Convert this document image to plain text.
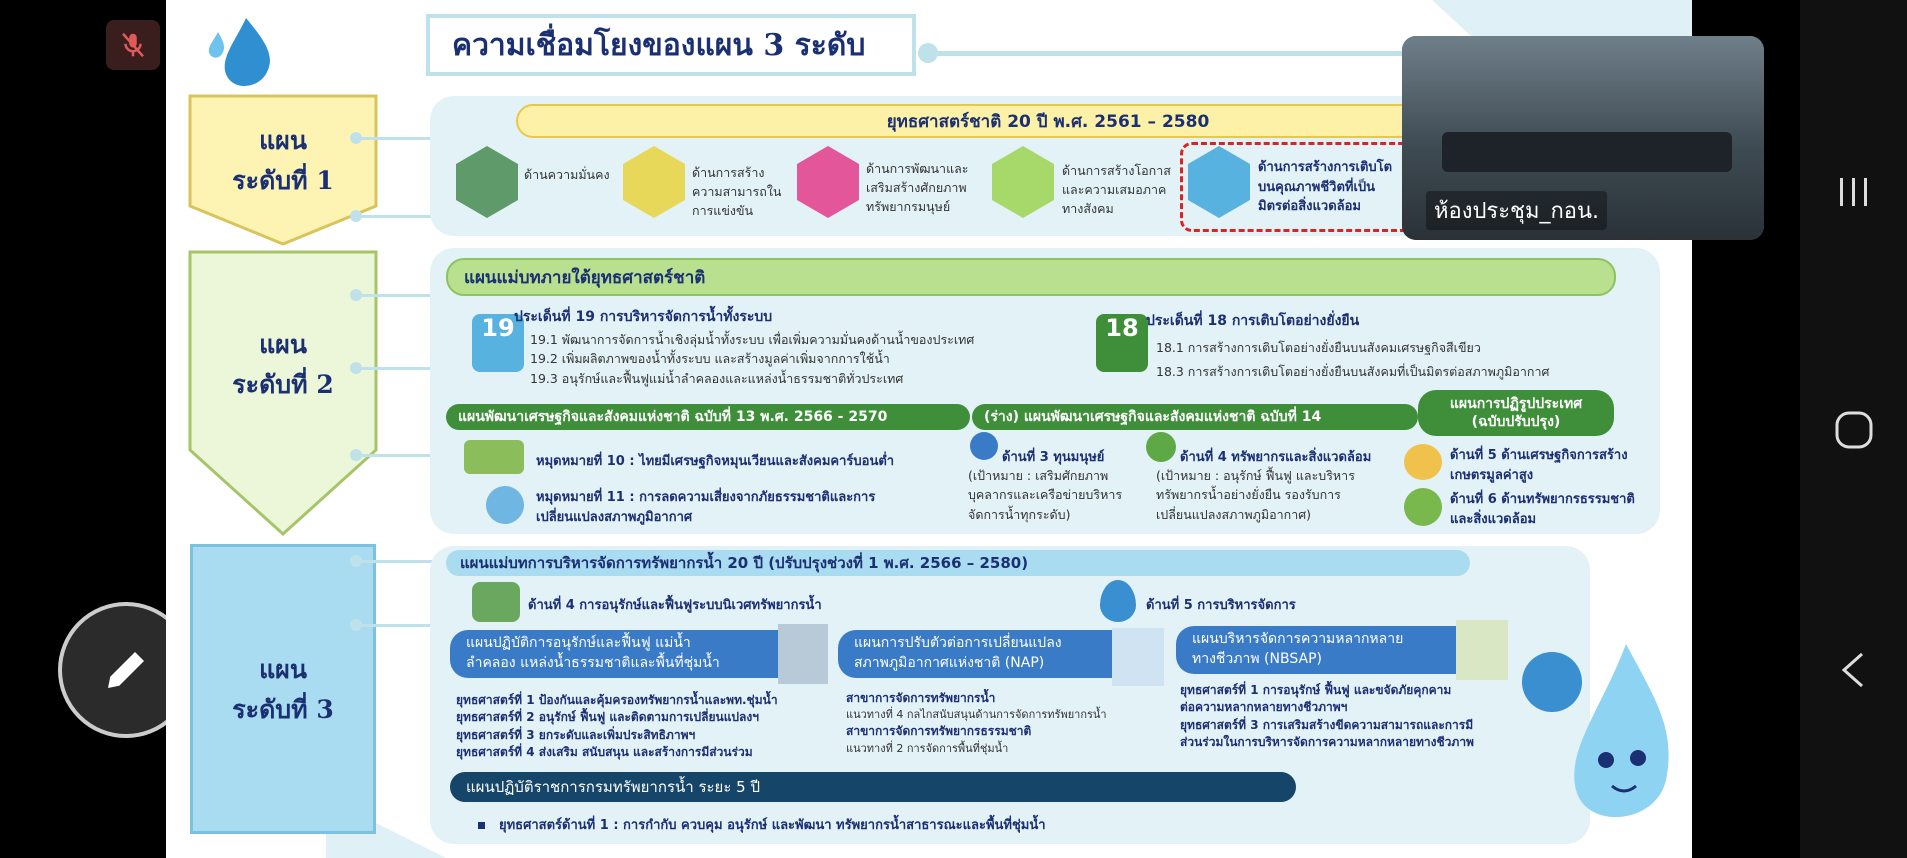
ความเชื่อมโยงของแผน 3 ระดับ
แผน
ระดับที่ 1
แผน
ระดับที่ 2
แผน
ระดับที่ 3
ยุทธศาสตร์ชาติ 20 ปี พ.ศ. 2561 – 2580
ด้านความมั่นคง	ด้านการสร้าง
ความสามารถใน
การแข่งขัน
ด้านการพัฒนาและ
เสริมสร้างศักยภาพ
ทรัพยากรมนุษย์
ด้านการสร้างโอกาส
และความเสมอภาค
ทางสังคม
ด้านการสร้างการเติบโต
บนคุณภาพชีวิตที่เป็น
มิตรต่อสิ่งแวดล้อม
แผนแม่บทภายใต้ยุทธศาสตร์ชาติ
19 ประเด็นที่ 19 การบริหารจัดการน้ำทั้งระบบ
19.1 พัฒนาการจัดการน้ำเชิงลุ่มน้ำทั้งระบบ เพื่อเพิ่มความมั่นคงด้านน้ำของประเทศ
19.2 เพิ่มผลิตภาพของน้ำทั้งระบบ และสร้างมูลค่าเพิ่มจากการใช้น้ำ
19.3 อนุรักษ์และฟื้นฟูแม่น้ำลำคลองและแหล่งน้ำธรรมชาติทั่วประเทศ
18 ประเด็นที่ 18 การเติบโตอย่างยั่งยืน
18.1 การสร้างการเติบโตอย่างยั่งยืนบนสังคมเศรษฐกิจสีเขียว
18.3 การสร้างการเติบโตอย่างยั่งยืนบนสังคมที่เป็นมิตรต่อสภาพภูมิอากาศ
แผนพัฒนาเศรษฐกิจและสังคมแห่งชาติ ฉบับที่ 13 พ.ศ. 2566 - 2570
หมุดหมายที่ 10 : ไทยมีเศรษฐกิจหมุนเวียนและสังคมคาร์บอนต่ำ
หมุดหมายที่ 11 : การลดความเสี่ยงจากภัยธรรมชาติและการ
เปลี่ยนแปลงสภาพภูมิอากาศ
(ร่าง) แผนพัฒนาเศรษฐกิจและสังคมแห่งชาติ ฉบับที่ 14
ด้านที่ 3 ทุนมนุษย์
(เป้าหมาย : เสริมศักยภาพ
บุคลากรและเครือข่ายบริหาร
จัดการน้ำทุกระดับ)
ด้านที่ 4 ทรัพยากรและสิ่งแวดล้อม
(เป้าหมาย : อนุรักษ์ ฟื้นฟู และบริหาร
ทรัพยากรน้ำอย่างยั่งยืน รองรับการ
เปลี่ยนแปลงสภาพภูมิอากาศ)
แผนการปฏิรูปประเทศ
(ฉบับปรับปรุง)
ด้านที่ 5 ด้านเศรษฐกิจการสร้าง
เกษตรมูลค่าสูง
ด้านที่ 6 ด้านทรัพยากรธรรมชาติ
และสิ่งแวดล้อม
แผนแม่บทการบริหารจัดการทรัพยากรน้ำ 20 ปี (ปรับปรุงช่วงที่ 1 พ.ศ. 2566 – 2580)
ด้านที่ 4 การอนุรักษ์และฟื้นฟูระบบนิเวศทรัพยากรน้ำ	ด้านที่ 5 การบริหารจัดการ
แผนปฏิบัติการอนุรักษ์และฟื้นฟู แม่น้ำ
ลำคลอง แหล่งน้ำธรรมชาติและพื้นที่ชุ่มน้ำ
ยุทธศาสตร์ที่ 1 ป้องกันและคุ้มครองทรัพยากรน้ำและพท.ชุ่มน้ำ
ยุทธศาสตร์ที่ 2 อนุรักษ์ ฟื้นฟู และติดตามการเปลี่ยนแปลงฯ
ยุทธศาสตร์ที่ 3 ยกระดับและเพิ่มประสิทธิภาพฯ
ยุทธศาสตร์ที่ 4 ส่งเสริม สนับสนุน และสร้างการมีส่วนร่วม
แผนการปรับตัวต่อการเปลี่ยนแปลง
สภาพภูมิอากาศแห่งชาติ (NAP)
สาขาการจัดการทรัพยากรน้ำ
แนวทางที่ 4 กลไกสนับสนุนด้านการจัดการทรัพยากรน้ำ
สาขาการจัดการทรัพยากรธรรมชาติ
แนวทางที่ 2 การจัดการพื้นที่ชุ่มน้ำ
แผนบริหารจัดการความหลากหลาย
ทางชีวภาพ (NBSAP)
ยุทธศาสตร์ที่ 1 การอนุรักษ์ ฟื้นฟู และขจัดภัยคุกคาม
ต่อความหลากหลายทางชีวภาพฯ
ยุทธศาสตร์ที่ 3 การเสริมสร้างขีดความสามารถและการมี
ส่วนร่วมในการบริหารจัดการความหลากหลายทางชีวภาพ
แผนปฏิบัติราชการกรมทรัพยากรน้ำ ระยะ 5 ปี
ยุทธศาสตร์ด้านที่ 1 : การกำกับ ควบคุม อนุรักษ์ และพัฒนา ทรัพยากรน้ำสาธารณะและพื้นที่ชุ่มน้ำ
ห้องประชุม_กอน.
